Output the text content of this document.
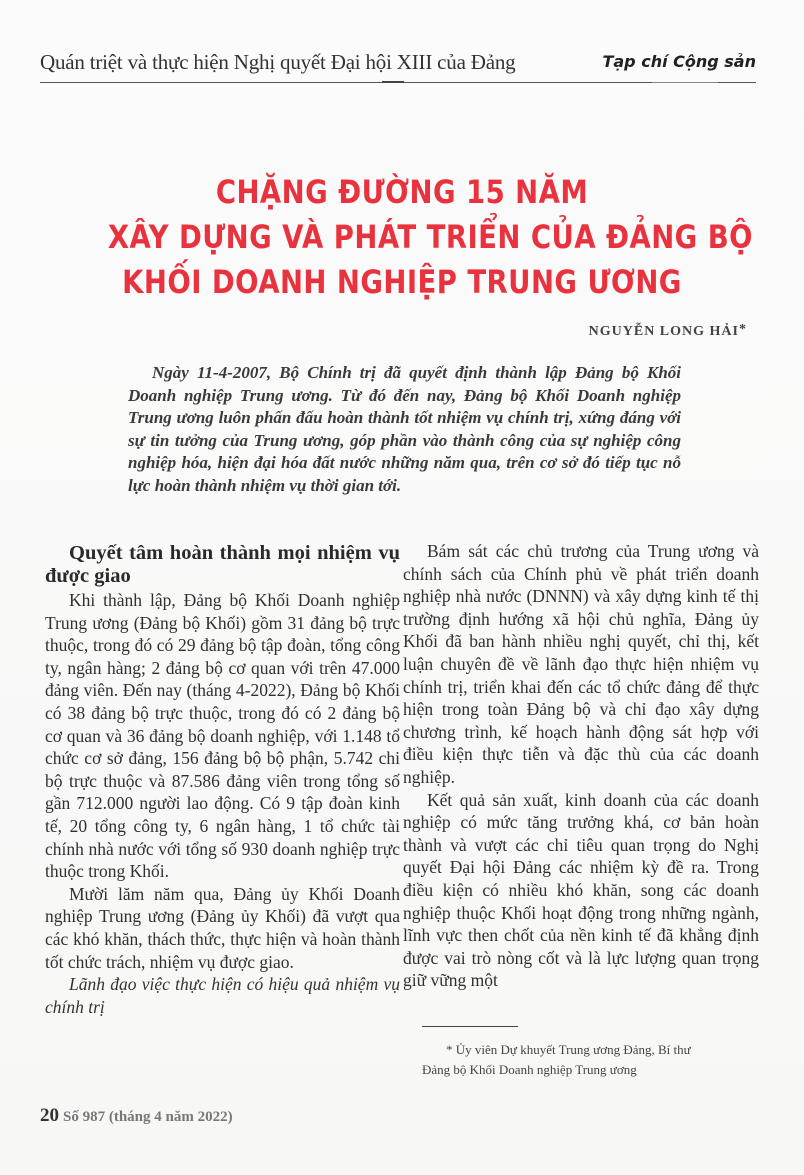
Quán triệt và thực hiện Nghị quyết Đại hội XIII của Đảng	Tạp chí Cộng sản
CHẶNG ĐƯỜNG 15 NĂM
XÂY DỰNG VÀ PHÁT TRIỂN CỦA ĐẢNG BỘ
KHỐI DOANH NGHIỆP TRUNG ƯƠNG
NGUYỄN LONG HẢI*
Ngày 11-4-2007, Bộ Chính trị đã quyết định thành lập Đảng bộ Khối Doanh nghiệp Trung ương. Từ đó đến nay, Đảng bộ Khối Doanh nghiệp Trung ương luôn phấn đấu hoàn thành tốt nhiệm vụ chính trị, xứng đáng với sự tin tưởng của Trung ương, góp phần vào thành công của sự nghiệp công nghiệp hóa, hiện đại hóa đất nước những năm qua, trên cơ sở đó tiếp tục nỗ lực hoàn thành nhiệm vụ thời gian tới.
Quyết tâm hoàn thành mọi nhiệm vụ được giao

Khi thành lập, Đảng bộ Khối Doanh nghiệp Trung ương (Đảng bộ Khối) gồm 31 đảng bộ trực thuộc, trong đó có 29 đảng bộ tập đoàn, tổng công ty, ngân hàng; 2 đảng bộ cơ quan với trên 47.000 đảng viên. Đến nay (tháng 4-2022), Đảng bộ Khối có 38 đảng bộ trực thuộc, trong đó có 2 đảng bộ cơ quan và 36 đảng bộ doanh nghiệp, với 1.148 tổ chức cơ sở đảng, 156 đảng bộ bộ phận, 5.742 chi bộ trực thuộc và 87.586 đảng viên trong tổng số gần 712.000 người lao động. Có 9 tập đoàn kinh tế, 20 tổng công ty, 6 ngân hàng, 1 tổ chức tài chính nhà nước với tổng số 930 doanh nghiệp trực thuộc trong Khối.

Mười lăm năm qua, Đảng ủy Khối Doanh nghiệp Trung ương (Đảng ủy Khối) đã vượt qua các khó khăn, thách thức, thực hiện và hoàn thành tốt chức trách, nhiệm vụ được giao.

Lãnh đạo việc thực hiện có hiệu quả nhiệm vụ chính trị

Bám sát các chủ trương của Trung ương và chính sách của Chính phủ về phát triển doanh nghiệp nhà nước (DNNN) và xây dựng kinh tế thị trường định hướng xã hội chủ nghĩa, Đảng ủy Khối đã ban hành nhiều nghị quyết, chỉ thị, kết luận chuyên đề về lãnh đạo thực hiện nhiệm vụ chính trị, triển khai đến các tổ chức đảng để thực hiện trong toàn Đảng bộ và chỉ đạo xây dựng chương trình, kế hoạch hành động sát hợp với điều kiện thực tiễn và đặc thù của các doanh nghiệp.

Kết quả sản xuất, kinh doanh của các doanh nghiệp có mức tăng trưởng khá, cơ bản hoàn thành và vượt các chỉ tiêu quan trọng do Nghị quyết Đại hội Đảng các nhiệm kỳ đề ra. Trong điều kiện có nhiều khó khăn, song các doanh nghiệp thuộc Khối hoạt động trong những ngành, lĩnh vực then chốt của nền kinh tế đã khẳng định được vai trò nòng cốt và là lực lượng quan trọng giữ vững một

* Ủy viên Dự khuyết Trung ương Đảng, Bí thư
Đảng bộ Khối Doanh nghiệp Trung ương
20 Số 987 (tháng 4 năm 2022)
